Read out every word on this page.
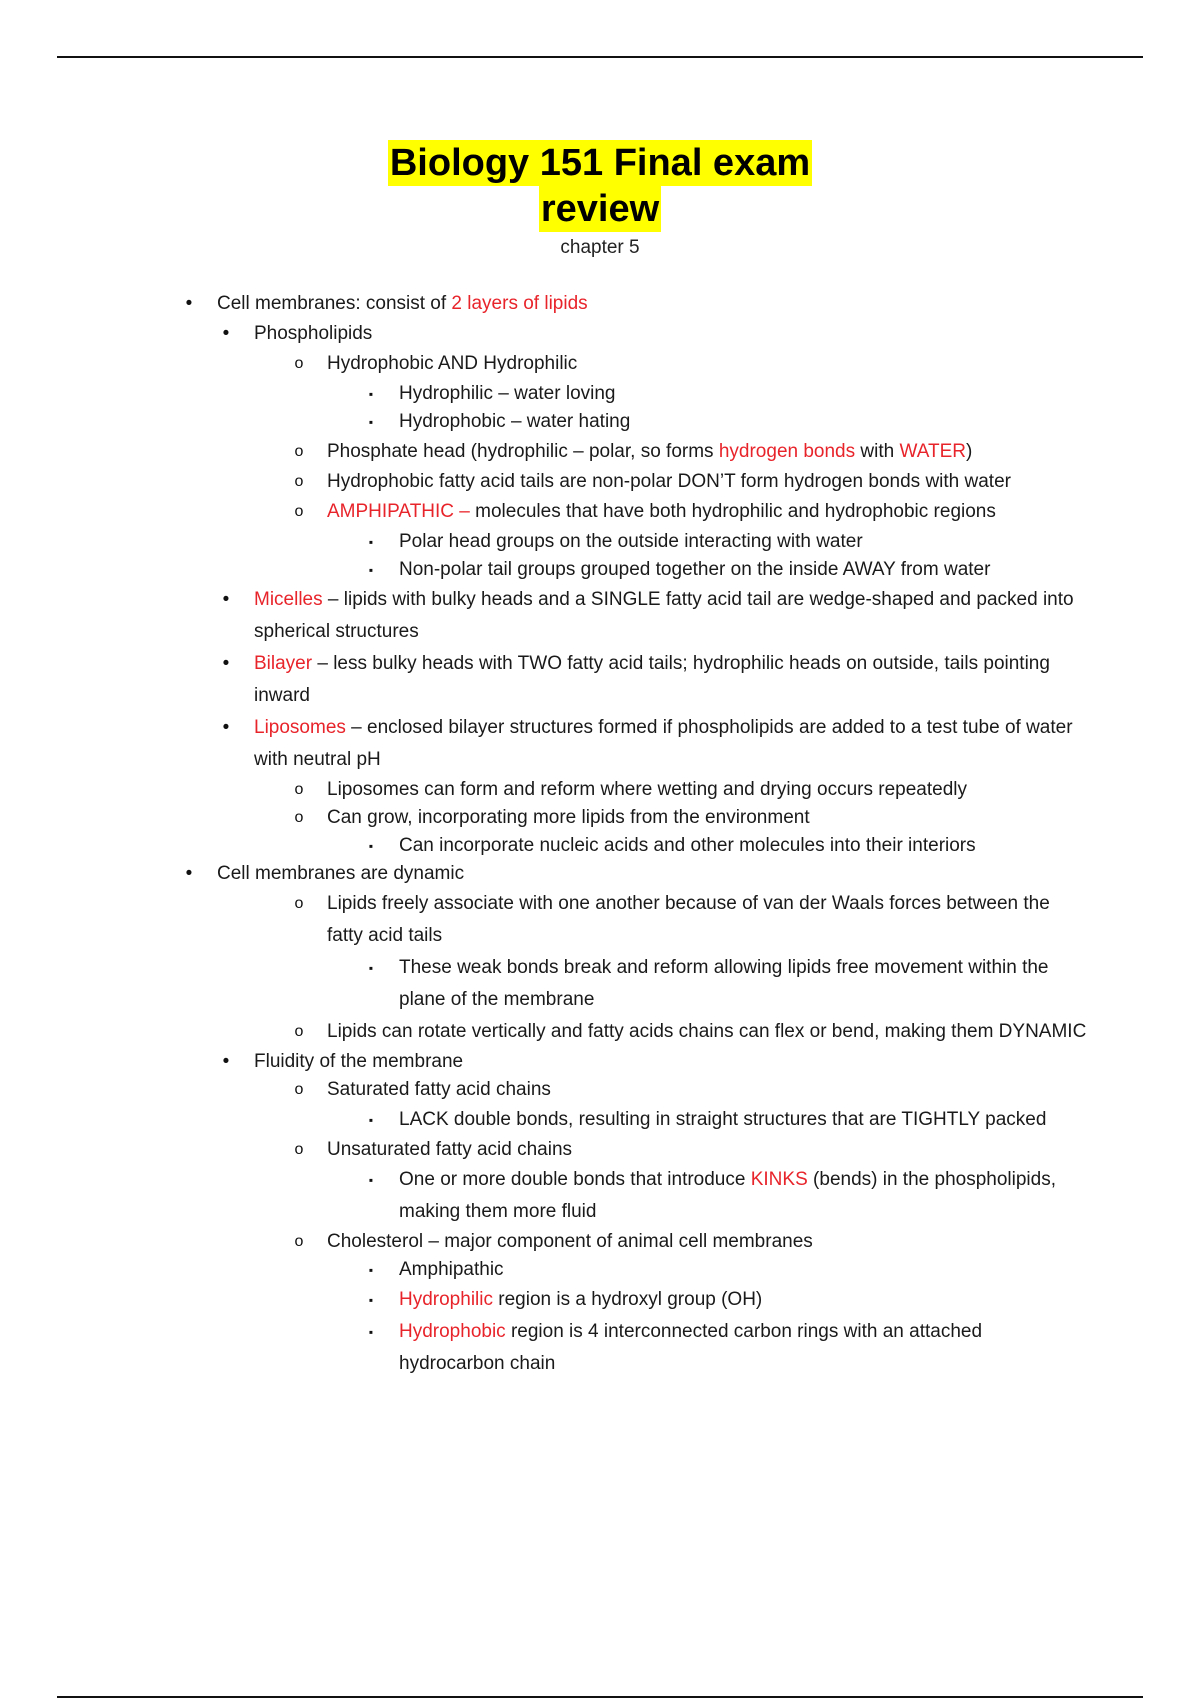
Biology 151 Final exam
review
chapter 5
• Cell membranes: consist of 2 layers of lipids
• Phospholipids
o Hydrophobic AND Hydrophilic
▪ Hydrophilic – water loving
▪ Hydrophobic – water hating
o Phosphate head (hydrophilic – polar, so forms hydrogen bonds with WATER)
o Hydrophobic fatty acid tails are non-polar DON’T form hydrogen bonds with water
o AMPHIPATHIC – molecules that have both hydrophilic and hydrophobic regions
▪ Polar head groups on the outside interacting with water
▪ Non-polar tail groups grouped together on the inside AWAY from water
• Micelles – lipids with bulky heads and a SINGLE fatty acid tail are wedge-shaped and packed into spherical structures
• Bilayer – less bulky heads with TWO fatty acid tails; hydrophilic heads on outside, tails pointing inward
• Liposomes – enclosed bilayer structures formed if phospholipids are added to a test tube of water with neutral pH
o Liposomes can form and reform where wetting and drying occurs repeatedly
o Can grow, incorporating more lipids from the environment
▪ Can incorporate nucleic acids and other molecules into their interiors
• Cell membranes are dynamic
o Lipids freely associate with one another because of van der Waals forces between the fatty acid tails
▪ These weak bonds break and reform allowing lipids free movement within the plane of the membrane
o Lipids can rotate vertically and fatty acids chains can flex or bend, making them DYNAMIC
• Fluidity of the membrane
o Saturated fatty acid chains
▪ LACK double bonds, resulting in straight structures that are TIGHTLY packed
o Unsaturated fatty acid chains
▪ One or more double bonds that introduce KINKS (bends) in the phospholipids, making them more fluid
o Cholesterol – major component of animal cell membranes
▪ Amphipathic
▪ Hydrophilic region is a hydroxyl group (OH)
▪ Hydrophobic region is 4 interconnected carbon rings with an attached hydrocarbon chain
